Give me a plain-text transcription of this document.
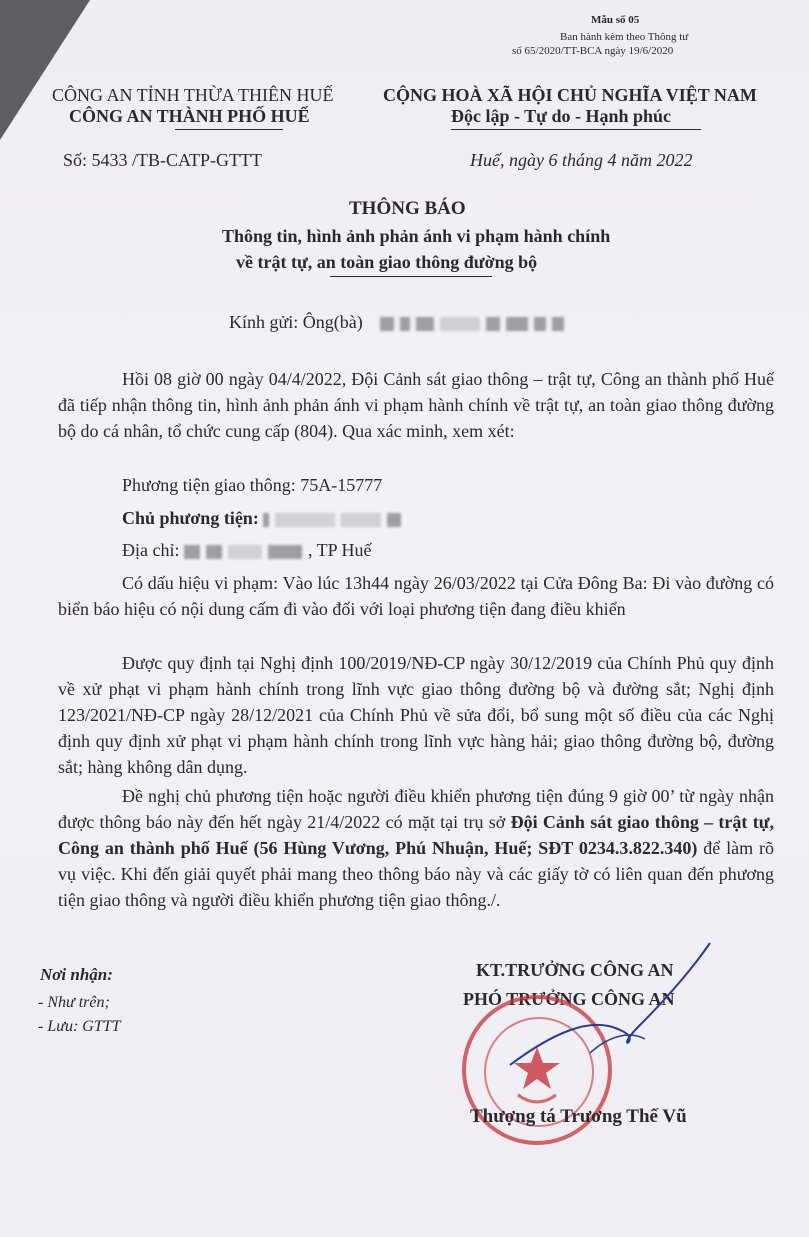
Mẫu số 05
Ban hành kèm theo Thông tư
số 65/2020/TT-BCA ngày 19/6/2020
CÔNG AN TỈNH THỪA THIÊN HUẾ
CÔNG AN THÀNH PHỐ HUẾ
CỘNG HOÀ XÃ HỘI CHỦ NGHĨA VIỆT NAM
Độc lập - Tự do - Hạnh phúc
Số: 5433 /TB-CATP-GTTT	Huế, ngày 6 tháng 4 năm 2022
THÔNG BÁO
Thông tin, hình ảnh phản ánh vi phạm hành chính
về trật tự, an toàn giao thông đường bộ
Kính gửi: Ông(bà)
Hồi 08 giờ 00 ngày 04/4/2022, Đội Cảnh sát giao thông – trật tự, Công an thành phố Huế đã tiếp nhận thông tin, hình ảnh phản ánh vi phạm hành chính về trật tự, an toàn giao thông đường bộ do cá nhân, tổ chức cung cấp (804). Qua xác minh, xem xét:
Phương tiện giao thông: 75A-15777
Chủ phương tiện:
Địa chỉ:	, TP Huế
Có dấu hiệu vi phạm: Vào lúc 13h44 ngày 26/03/2022 tại Cửa Đông Ba: Đi vào đường có biển báo hiệu có nội dung cấm đi vào đối với loại phương tiện đang điều khiển
Được quy định tại Nghị định 100/2019/NĐ-CP ngày 30/12/2019 của Chính Phủ quy định về xử phạt vi phạm hành chính trong lĩnh vực giao thông đường bộ và đường sắt; Nghị định 123/2021/NĐ-CP ngày 28/12/2021 của Chính Phủ về sửa đổi, bổ sung một số điều của các Nghị định quy định xử phạt vi phạm hành chính trong lĩnh vực hàng hải; giao thông đường bộ, đường sắt; hàng không dân dụng.
Đề nghị chủ phương tiện hoặc người điều khiển phương tiện đúng 9 giờ 00’ từ ngày nhận được thông báo này đến hết ngày 21/4/2022 có mặt tại trụ sở Đội Cảnh sát giao thông – trật tự, Công an thành phố Huế (56 Hùng Vương, Phú Nhuận, Huế; SĐT 0234.3.822.340) để làm rõ vụ việc. Khi đến giải quyết phải mang theo thông báo này và các giấy tờ có liên quan đến phương tiện giao thông và người điều khiển phương tiện giao thông./.
Nơi nhận:
- Như trên;
- Lưu: GTTT
KT.TRƯỞNG CÔNG AN
PHÓ TRƯỞNG CÔNG AN
Thượng tá Trương Thế Vũ
